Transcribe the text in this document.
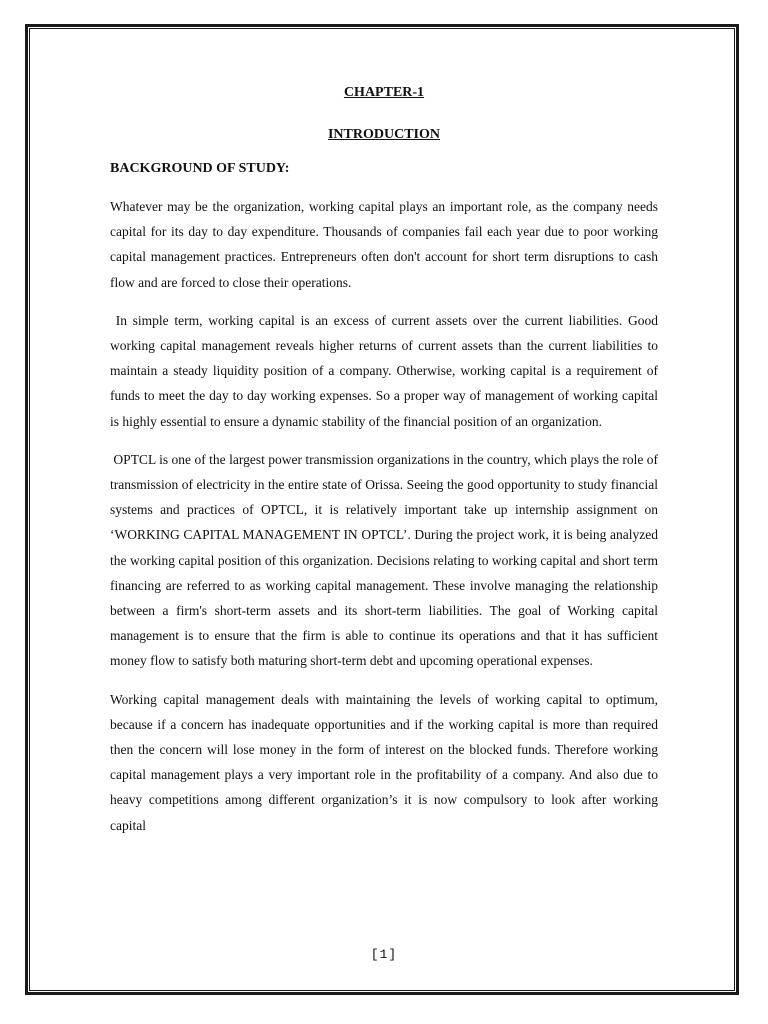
CHAPTER-1
INTRODUCTION
BACKGROUND OF STUDY:

Whatever may be the organization, working capital plays an important role, as the company needs capital for its day to day expenditure. Thousands of companies fail each year due to poor working capital management practices. Entrepreneurs often don't account for short term disruptions to cash flow and are forced to close their operations.

In simple term, working capital is an excess of current assets over the current liabilities. Good working capital management reveals higher returns of current assets than the current liabilities to maintain a steady liquidity position of a company. Otherwise, working capital is a requirement of funds to meet the day to day working expenses. So a proper way of management of working capital is highly essential to ensure a dynamic stability of the financial position of an organization.

OPTCL is one of the largest power transmission organizations in the country, which plays the role of transmission of electricity in the entire state of Orissa. Seeing the good opportunity to study financial systems and practices of OPTCL, it is relatively important take up internship assignment on ‘WORKING CAPITAL MANAGEMENT IN OPTCL’. During the project work, it is being analyzed the working capital position of this organization. Decisions relating to working capital and short term financing are referred to as working capital management. These involve managing the relationship between a firm's short-term assets and its short-term liabilities. The goal of Working capital management is to ensure that the firm is able to continue its operations and that it has sufficient money flow to satisfy both maturing short-term debt and upcoming operational expenses.

Working capital management deals with maintaining the levels of working capital to optimum, because if a concern has inadequate opportunities and if the working capital is more than required then the concern will lose money in the form of interest on the blocked funds. Therefore working capital management plays a very important role in the profitability of a company. And also due to heavy competitions among different organization’s it is now compulsory to look after working capital

[1]
